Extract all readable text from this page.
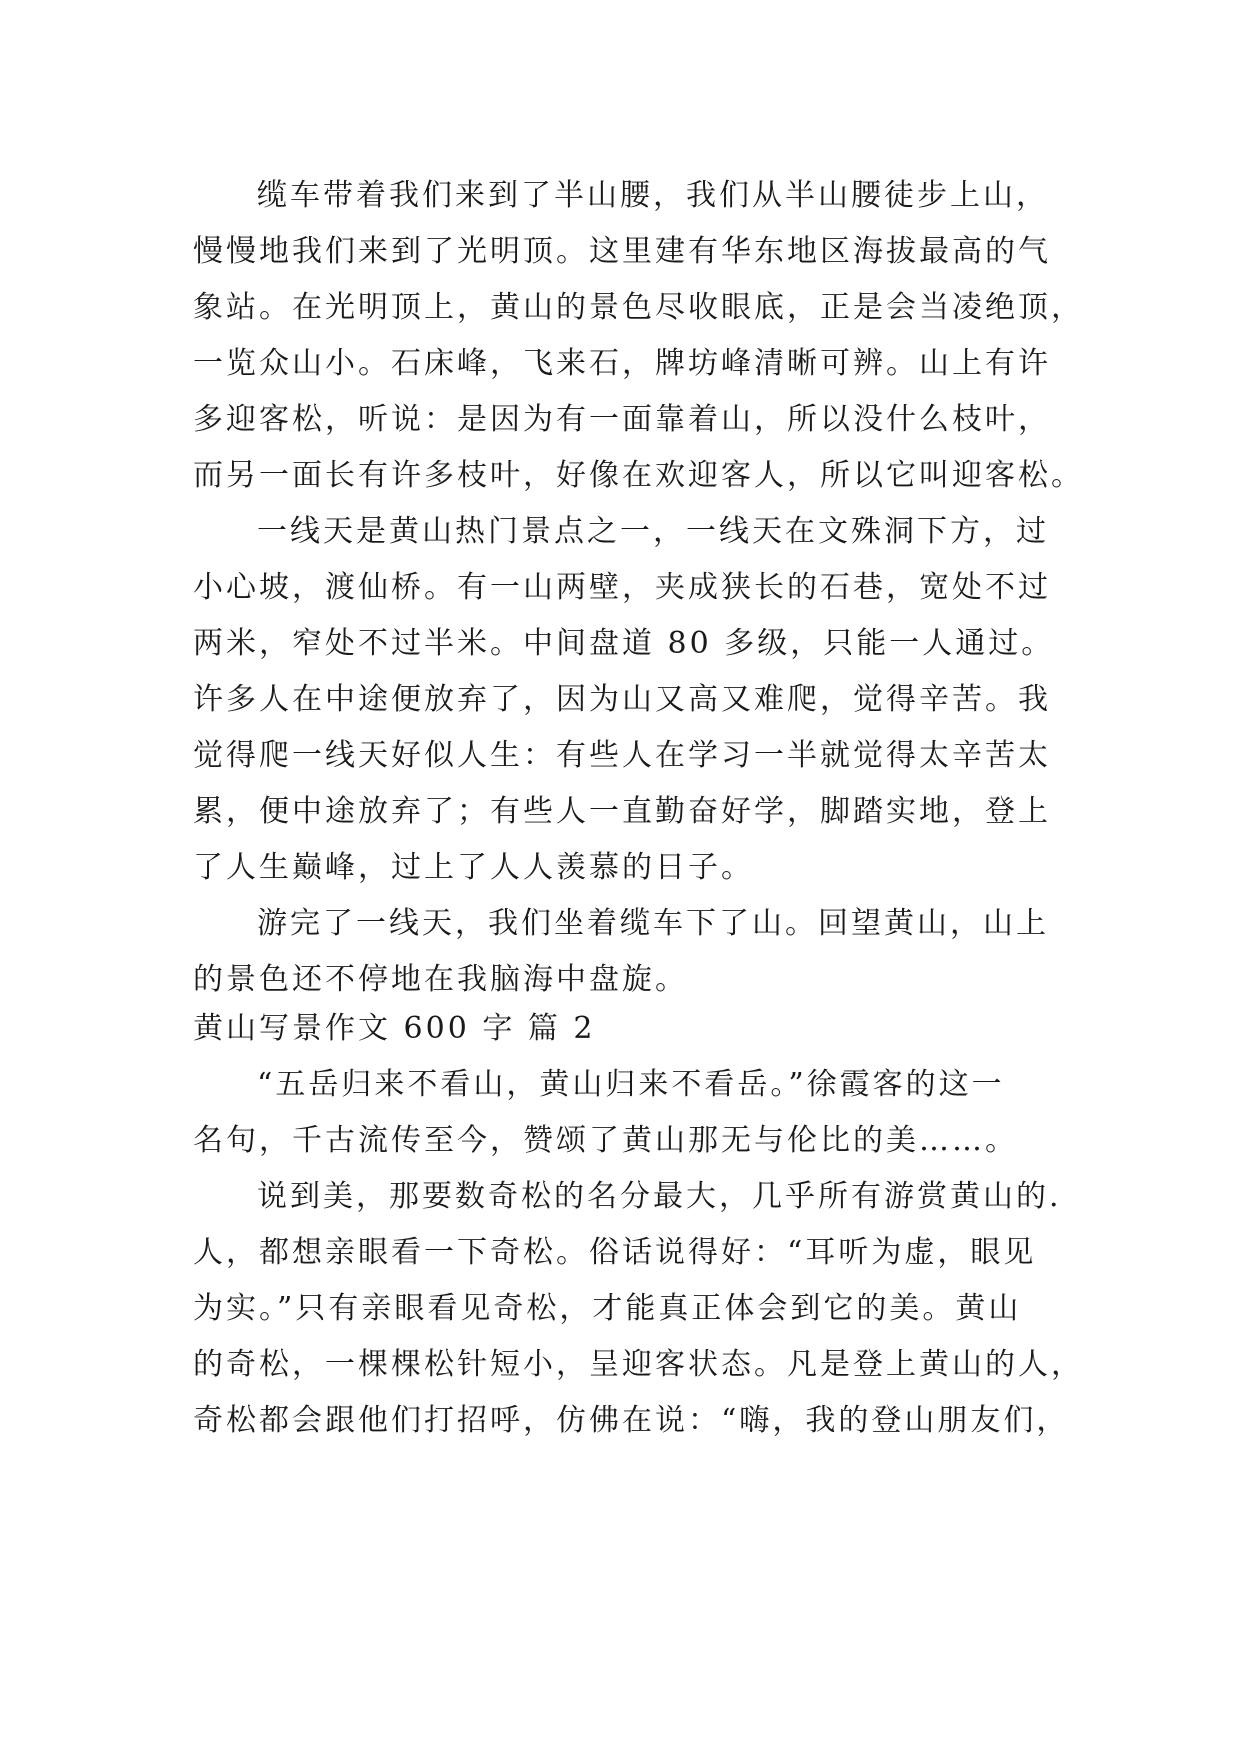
缆车带着我们来到了半山腰，我们从半山腰徒步上山，
慢慢地我们来到了光明顶。这里建有华东地区海拔最高的气
象站。在光明顶上，黄山的景色尽收眼底，正是会当凌绝顶，
一览众山小。石床峰，飞来石，牌坊峰清晰可辨。山上有许
多迎客松，听说：是因为有一面靠着山，所以没什么枝叶，
而另一面长有许多枝叶，好像在欢迎客人，所以它叫迎客松。
一线天是黄山热门景点之一，一线天在文殊洞下方，过
小心坡，渡仙桥。有一山两壁，夹成狭长的石巷，宽处不过
两米，窄处不过半米。中间盘道 80 多级，只能一人通过。
许多人在中途便放弃了，因为山又高又难爬，觉得辛苦。我
觉得爬一线天好似人生：有些人在学习一半就觉得太辛苦太
累，便中途放弃了；有些人一直勤奋好学，脚踏实地，登上
了人生巅峰，过上了人人羡慕的日子。
游完了一线天，我们坐着缆车下了山。回望黄山，山上
的景色还不停地在我脑海中盘旋。
黄山写景作文 600 字 篇 2
“五岳归来不看山，黄山归来不看岳。”徐霞客的这一
名句，千古流传至今，赞颂了黄山那无与伦比的美……。
说到美，那要数奇松的名分最大，几乎所有游赏黄山的.
人，都想亲眼看一下奇松。俗话说得好：“耳听为虚，眼见
为实。”只有亲眼看见奇松，才能真正体会到它的美。黄山
的奇松，一棵棵松针短小，呈迎客状态。凡是登上黄山的人，
奇松都会跟他们打招呼，仿佛在说：“嗨，我的登山朋友们，
